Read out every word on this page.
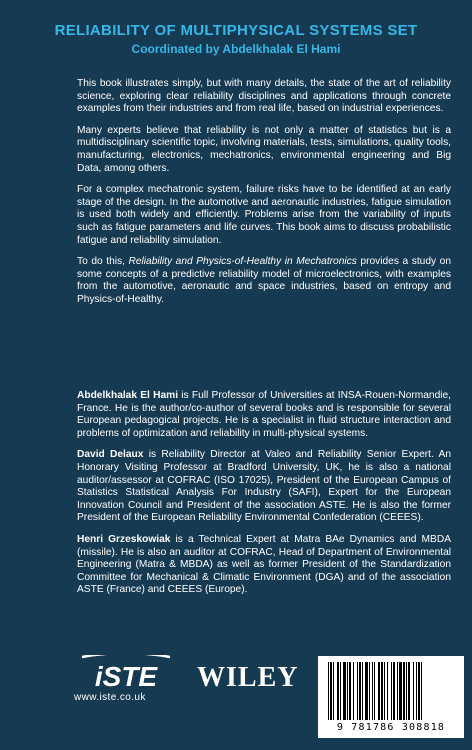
RELIABILITY OF MULTIPHYSICAL SYSTEMS SET
Coordinated by Abdelkhalak El Hami

This book illustrates simply, but with many details, the state of the art of reliability science, exploring clear reliability disciplines and applications through concrete examples from their industries and from real life, based on industrial experiences.

Many experts believe that reliability is not only a matter of statistics but is a multidisciplinary scientific topic, involving materials, tests, simulations, quality tools, manufacturing, electronics, mechatronics, environmental engineering and Big Data, among others.

For a complex mechatronic system, failure risks have to be identified at an early stage of the design. In the automotive and aeronautic industries, fatigue simulation is used both widely and efficiently. Problems arise from the variability of inputs such as fatigue parameters and life curves. This book aims to discuss probabilistic fatigue and reliability simulation.

To do this, Reliability and Physics-of-Healthy in Mechatronics provides a study on some concepts of a predictive reliability model of microelectronics, with examples from the automotive, aeronautic and space industries, based on entropy and Physics-of-Healthy.

Abdelkhalak El Hami is Full Professor of Universities at INSA-Rouen-Normandie, France. He is the author/co-author of several books and is responsible for several European pedagogical projects. He is a specialist in fluid structure interaction and problems of optimization and reliability in multi-physical systems.

David Delaux is Reliability Director at Valeo and Reliability Senior Expert. An Honorary Visiting Professor at Bradford University, UK, he is also a national auditor/assessor at COFRAC (ISO 17025), President of the European Campus of Statistics Statistical Analysis For Industry (SAFI), Expert for the European Innovation Council and President of the association ASTE. He is also the former President of the European Reliability Environmental Confederation (CEEES).

Henri Grzeskowiak is a Technical Expert at Matra BAe Dynamics and MBDA (missile). He is also an auditor at COFRAC, Head of Department of Environmental Engineering (Matra & MBDA) as well as former President of the Standardization Committee for Mechanical & Climatic Environment (DGA) and of the association ASTE (France) and CEEES (Europe).

iSTE
www.iste.co.uk
WILEY
9 781786 308818
